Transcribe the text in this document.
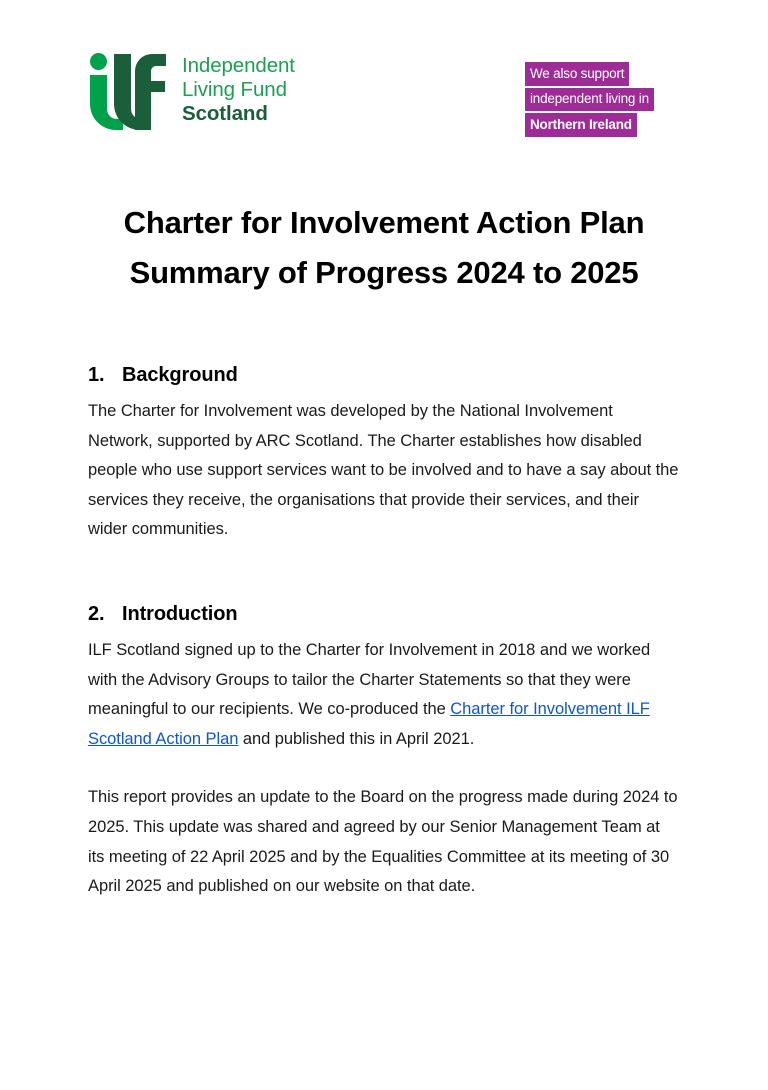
Independent
Living Fund
Scotland
We also support
independent living in
Northern Ireland
Charter for Involvement Action Plan
Summary of Progress 2024 to 2025
1. Background

The Charter for Involvement was developed by the National Involvement Network, supported by ARC Scotland. The Charter establishes how disabled people who use support services want to be involved and to have a say about the services they receive, the organisations that provide their services, and their wider communities.

2. Introduction

ILF Scotland signed up to the Charter for Involvement in 2018 and we worked with the Advisory Groups to tailor the Charter Statements so that they were meaningful to our recipients. We co-produced the Charter for Involvement ILF Scotland Action Plan and published this in April 2021.

This report provides an update to the Board on the progress made during 2024 to 2025. This update was shared and agreed by our Senior Management Team at its meeting of 22 April 2025 and by the Equalities Committee at its meeting of 30 April 2025 and published on our website on that date.
